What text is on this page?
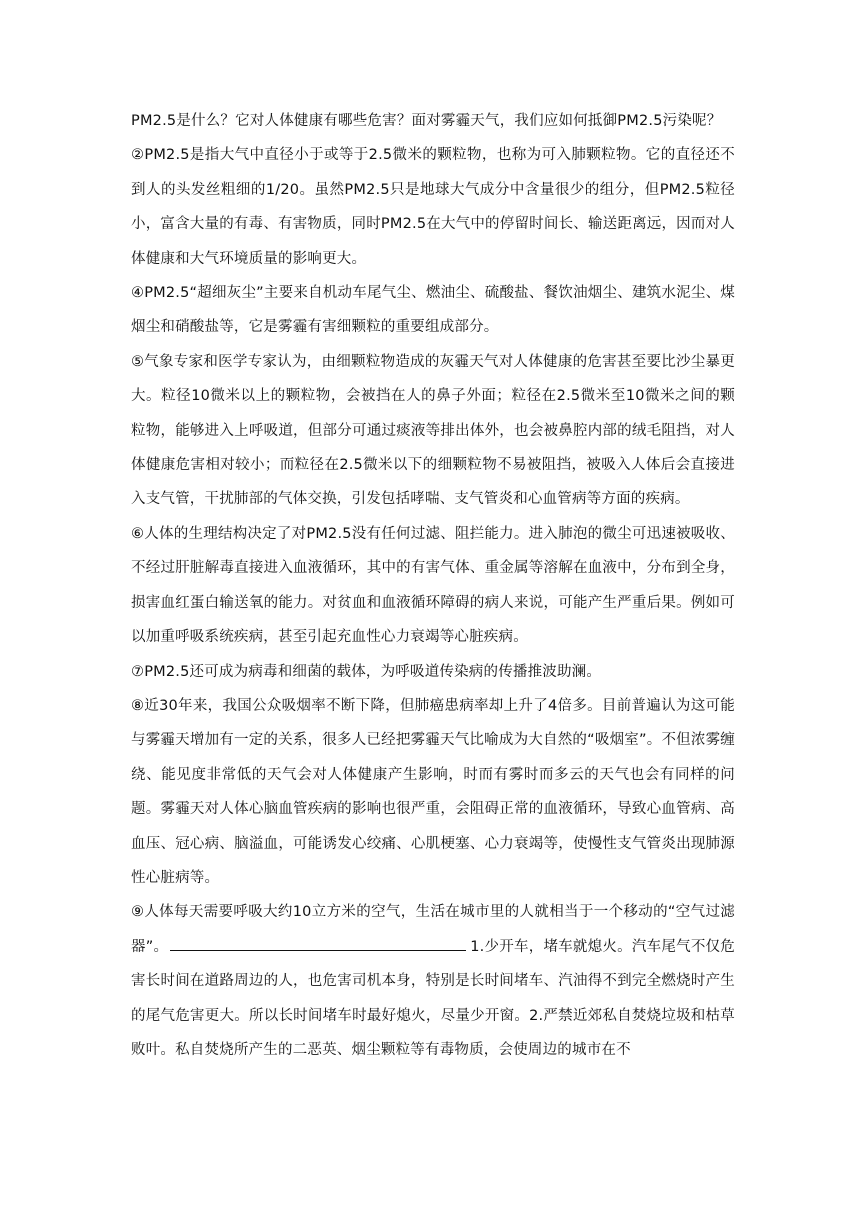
PM2.5是什么？它对人体健康有哪些危害？面对雾霾天气，我们应如何抵御PM2.5污染呢？

②PM2.5是指大气中直径小于或等于2.5微米的颗粒物，也称为可入肺颗粒物。它的直径还不到人的头发丝粗细的1/20。虽然PM2.5只是地球大气成分中含量很少的组分，但PM2.5粒径小，富含大量的有毒、有害物质，同时PM2.5在大气中的停留时间长、输送距离远，因而对人体健康和大气环境质量的影响更大。

④PM2.5“超细灰尘”主要来自机动车尾气尘、燃油尘、硫酸盐、餐饮油烟尘、建筑水泥尘、煤烟尘和硝酸盐等，它是雾霾有害细颗粒的重要组成部分。

⑤气象专家和医学专家认为，由细颗粒物造成的灰霾天气对人体健康的危害甚至要比沙尘暴更大。粒径10微米以上的颗粒物，会被挡在人的鼻子外面；粒径在2.5微米至10微米之间的颗粒物，能够进入上呼吸道，但部分可通过痰液等排出体外，也会被鼻腔内部的绒毛阻挡，对人体健康危害相对较小；而粒径在2.5微米以下的细颗粒物不易被阻挡，被吸入人体后会直接进入支气管，干扰肺部的气体交换，引发包括哮喘、支气管炎和心血管病等方面的疾病。

⑥人体的生理结构决定了对PM2.5没有任何过滤、阻拦能力。进入肺泡的微尘可迅速被吸收、不经过肝脏解毒直接进入血液循环，其中的有害气体、重金属等溶解在血液中，分布到全身，损害血红蛋白输送氧的能力。对贫血和血液循环障碍的病人来说，可能产生严重后果。例如可以加重呼吸系统疾病，甚至引起充血性心力衰竭等心脏疾病。

⑦PM2.5还可成为病毒和细菌的载体，为呼吸道传染病的传播推波助澜。

⑧近30年来，我国公众吸烟率不断下降，但肺癌患病率却上升了4倍多。目前普遍认为这可能与雾霾天增加有一定的关系，很多人已经把雾霾天气比喻成为大自然的“吸烟室”。不但浓雾缠绕、能见度非常低的天气会对人体健康产生影响，时而有雾时而多云的天气也会有同样的问题。雾霾天对人体心脑血管疾病的影响也很严重，会阻碍正常的血液循环，导致心血管病、高血压、冠心病、脑溢血，可能诱发心绞痛、心肌梗塞、心力衰竭等，使慢性支气管炎出现肺源性心脏病等。

⑨人体每天需要呼吸大约10立方米的空气，生活在城市里的人就相当于一个移动的“空气过滤器”。	1.少开车，堵车就熄火。汽车尾气不仅危害长时间在道路周边的人，也危害司机本身，特别是长时间堵车、汽油得不到完全燃烧时产生的尾气危害更大。所以长时间堵车时最好熄火，尽量少开窗。2.严禁近郊私自焚烧垃圾和枯草败叶。私自焚烧所产生的二恶英、烟尘颗粒等有毒物质，会使周边的城市在不
